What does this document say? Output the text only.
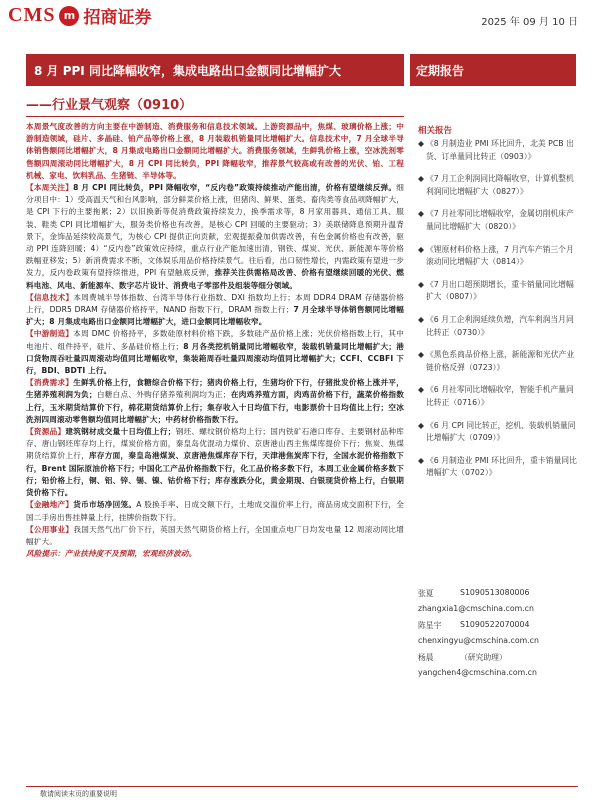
CMS m 招商证券	2025 年 09 月 10 日
8 月 PPI 同比降幅收窄，集成电路出口金额同比增幅扩大	定期报告
——行业景气观察（0910）

本周景气度改善的方向主要在中游制造、消费服务和信息技术领域。上游资源品中，焦煤、玻璃价格上涨；中游制造领域，硅片、多晶硅、铂产品等价格上涨，8 月装载机销量同比增幅扩大。信息技术中，7 月全球半导体销售额同比增幅扩大，8 月集成电路出口金额同比增幅扩大。消费服务领域，生鲜乳价格上涨，空冰洗剂零售额四周滚动同比增幅扩大，8 月 CPI 同比转负，PPI 降幅收窄，推荐景气较高或有改善的光伏、铂、工程机械、家电、饮料乳品、生猪链、半导体等。

【本周关注】8 月 CPI 同比转负，PPI 降幅收窄，“反内卷”政策持续推动产能出清，价格有望继续反弹。细分项目中：1）受高温天气和台风影响，部分鲜菜价格上涨，但猪肉、鲜果、蛋类、畜肉类等食品项降幅扩大，是 CPI 下行的主要拖累；2）以旧换新等促消费政策持续发力，换季需求等，8 月家用器具、通信工具、服装、鞋类 CPI 同比增幅扩大，服务类价格也有改善，是核心 CPI 回暖的主要驱动；3）美联储降息预期升温背景下，金饰品延续较高景气，为核心 CPI 提供正向贡献，宏观提振叠加供需改善，有色金属价格也有改善，驱动 PPI 连降回暖；4）“反内卷”政策效应持续，重点行业产能加速出清，钢铁、煤炭、光伏、新能源车等价格跌幅亚移发；5）新消费需求不断，文体娱乐用品价格持续景气。往后看，出口韧性增长，内需政策有望进一步发力，反内卷政策有望持续推进，PPI 有望触底反弹，推荐关注供需格局改善、价格有望继续回暖的光伏、燃料电池、风电、新能源车、数字芯片设计、消费电子零部件及组装等细分领域。

【信息技术】本周费城半导体指数、台湾半导体行业指数、DXI 指数均上行；本周 DDR4 DRAM 存储器价格上行，DDR5 DRAM 存储器价格持平，NAND 指数下行，DRAM 指数上行；7 月全球半导体销售额同比增幅扩大；8 月集成电路出口金额同比增幅扩大，进口金额同比增幅收窄。

【中游制造】本周 DMC 价格持平，多数硅原材料价格下跌，多数硅产品价格上涨；光伏价格指数上行，其中电池片、组件持平，硅片、多晶硅价格上行；8 月各类挖机销量同比增幅收窄，装载机销量同比增幅扩大；港口货物周吞吐量四周滚动均值同比增幅收窄，集装箱周吞吐量四周滚动均值同比增幅扩大；CCFI、CCBFI 下行，BDI、BDTI 上行。

【消费需求】生鲜乳价格上行，食糖综合价格下行；猪肉价格上行，生猪均价下行，仔猪批发价格上涨并平，生猪养殖利润为负；白糖白点、外购仔猪养殖利润均为正；在肉鸡养殖方面，肉鸡苗价格下行，蔬菜价格指数上行，玉米期货结算价下行，棉花期货结算价上行；集存收入十日均值下行，电影票价十日均值比上行；空冰洗剂四周滚动零售额均值同比增幅扩大；中药材价格指数下行。

【资源品】建筑钢材成交量十日均值上行；钢坯、螺纹钢价格均上行；国内铁矿石港口库存、主要钢材品种库存、唐山钢坯库存均上行，煤炭价格方面，秦皇岛优混动力煤价、京唐港山西主焦煤库提价下行；焦炭、焦煤期货结算价上行，库存方面，秦皇岛港煤炭、京唐港焦煤库存下行，天津港焦炭库下行，全国水泥价格指数下行，Brent 国际原油价格下行；中国化工产品价格指数下行，化工品价格多数下行，本周工业金属价格多数下行；铅价格上行，铜、铝、锌、锡、镍、钴价格下行；库存涨跌分化，黄金期现、白银现货价格上行，白银期货价格下行。

【金融地产】货币市场净回笼。A 股换手率、日成交额下行，土地成交溢价率上行，商品房成交面积下行，全国二手房出售挂牌量上行，挂牌价指数下行。

【公用事业】我国天然气出厂价下行，英国天然气期货价格上行，全国重点电厂日均发电量 12 周滚动同比增幅扩大。

风险提示：产业扶持度不及预期，宏观经济波动。

相关报告
◆ 《8 月制造业 PMI 环比回升，北美 PCB 出货、订单量同比转正（0903）》
◆ 《7 月工企利润同比降幅收窄，计算机整机利润同比增幅扩大（0827）》
◆ 《7 月社零同比增幅收窄，金属切削机床产量同比增幅扩大（0820）》
◆ 《锂原材料价格上涨，7 月汽车产销三个月滚动同比增幅扩大（0814）》
◆ 《7 月出口超预期增长，重卡销量同比增幅扩大（0807）》
◆ 《6 月工企利润延续负增，汽车利润当月同比转正（0730）》
◆ 《黑色系商品价格上涨，新能源和光伏产业链价格反弹（0723）》
◆ 《6 月社零同比增幅收窄，智能手机产量同比转正（0716）》
◆ 《6 月 CPI 同比转正，挖机、装载机销量同比增幅扩大（0709）》
◆ 《6 月制造业 PMI 环比回升，重卡销量同比增幅扩大（0702）》
张夏	S1090513080006
zhangxia1@cmschina.com.cn
陈星宇	S1090522070004
chenxingyu@cmschina.com.cn
杨晨	（研究助理）
yangchen4@cmschina.com.cn
敬请阅读末页的重要说明
